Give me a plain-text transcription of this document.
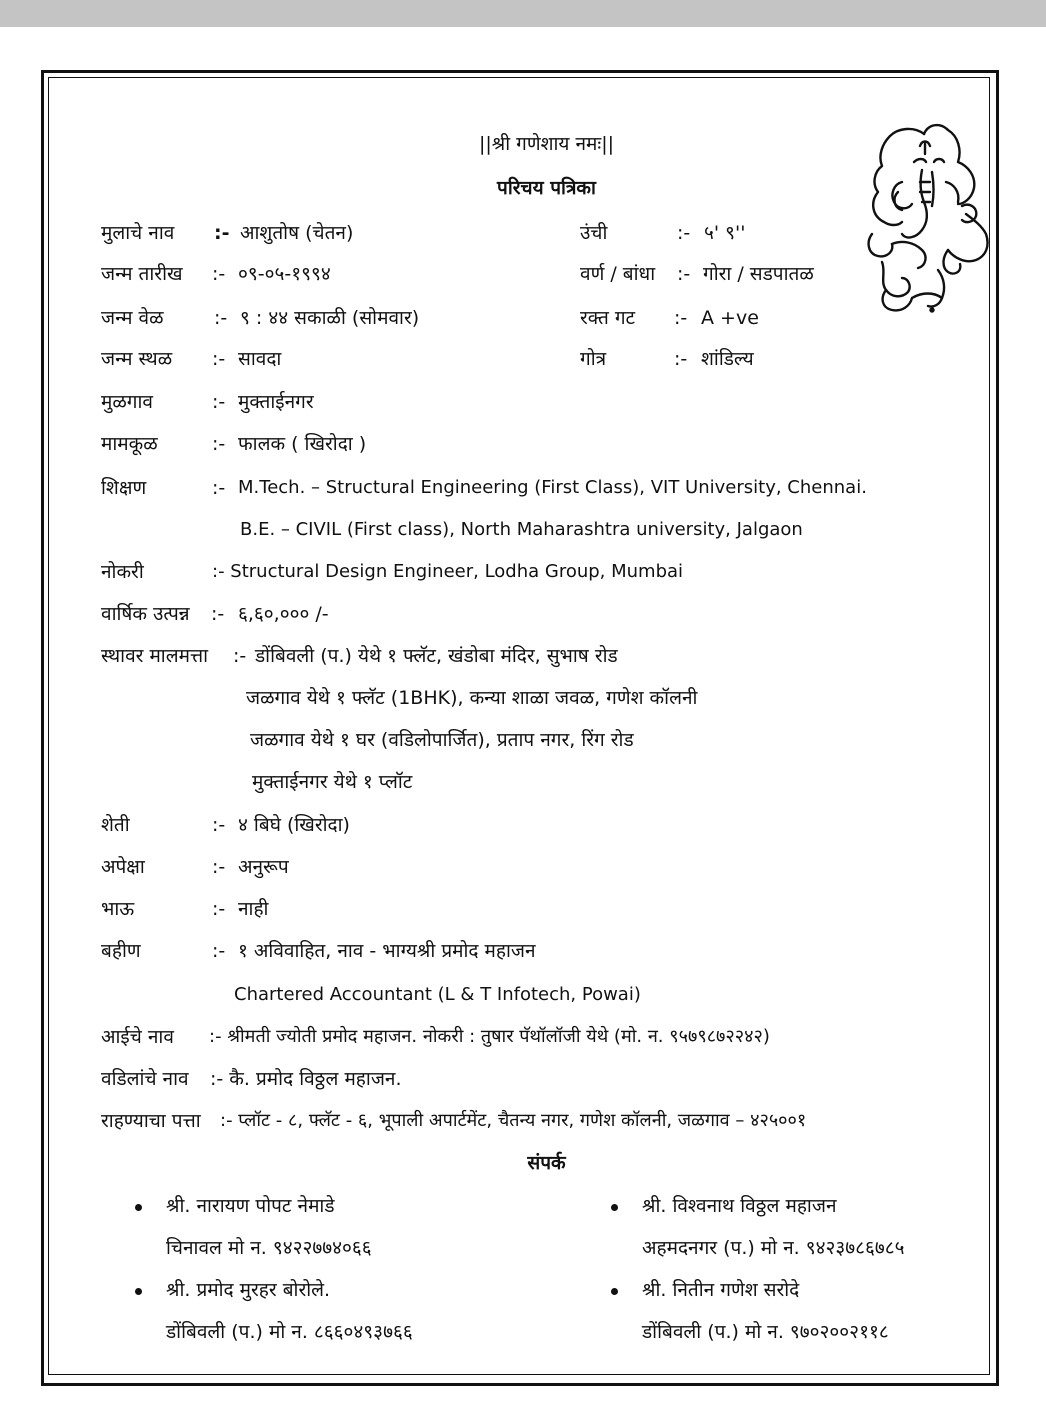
||श्री गणेशाय नमः||
परिचय पत्रिका
मुलाचे नाव :- आशुतोष (चेतन)	उंची	:- ५' ९''
जन्म तारीख :- ०९-०५-१९९४	वर्ण / बांधा :- गोरा / सडपातळ
जन्म वेळ	:- ९ : ४४ सकाळी (सोमवार)	रक्त गट :- A +ve
जन्म स्थळ :- सावदा	गोत्र	:- शांडिल्य
मुळगाव	:- मुक्ताईनगर
मामकूळ	:- फालक ( खिरोदा )
शिक्षण	:- M.Tech. – Structural Engineering (First Class), VIT University, Chennai.
B.E. – CIVIL (First class), North Maharashtra university, Jalgaon
नोकरी	:- Structural Design Engineer, Lodha Group, Mumbai
वार्षिक उत्पन्न :- ६,६०,००० /-
स्थावर मालमत्ता :- डोंबिवली (प.) येथे १ फ्लॅट, खंडोबा मंदिर, सुभाष रोड
जळगाव येथे १ फ्लॅट (1BHK), कन्या शाळा जवळ, गणेश कॉलनी
जळगाव येथे १ घर (वडिलोपार्जित), प्रताप नगर, रिंग रोड
मुक्ताईनगर येथे १ प्लॉट
शेती	:- ४ बिघे (खिरोदा)
अपेक्षा	:- अनुरूप
भाऊ	:- नाही
बहीण	:- १ अविवाहित, नाव - भाग्यश्री प्रमोद महाजन
Chartered Accountant (L & T Infotech, Powai)
आईचे नाव :- श्रीमती ज्योती प्रमोद महाजन. नोकरी : तुषार पॅथॉलॉजी येथे (मो. न. ९५७९८७२२४२)
वडिलांचे नाव :- कै. प्रमोद विठ्ठल महाजन.
राहण्याचा पत्ता :- प्लॉट - ८, फ्लॅट - ६, भूपाली अपार्टमेंट, चैतन्य नगर, गणेश कॉलनी, जळगाव – ४२५००१
संपर्क
श्री. नारायण पोपट नेमाडे
चिनावल मो न. ९४२२७७४०६६
श्री. विश्वनाथ विठ्ठल महाजन
अहमदनगर (प.) मो न. ९४२३७८६७८५
श्री. प्रमोद मुरहर बोरोले.
डोंबिवली (प.) मो न. ८६६०४९३७६६
श्री. नितीन गणेश सरोदे
डोंबिवली (प.) मो न. ९७०२००२११८
